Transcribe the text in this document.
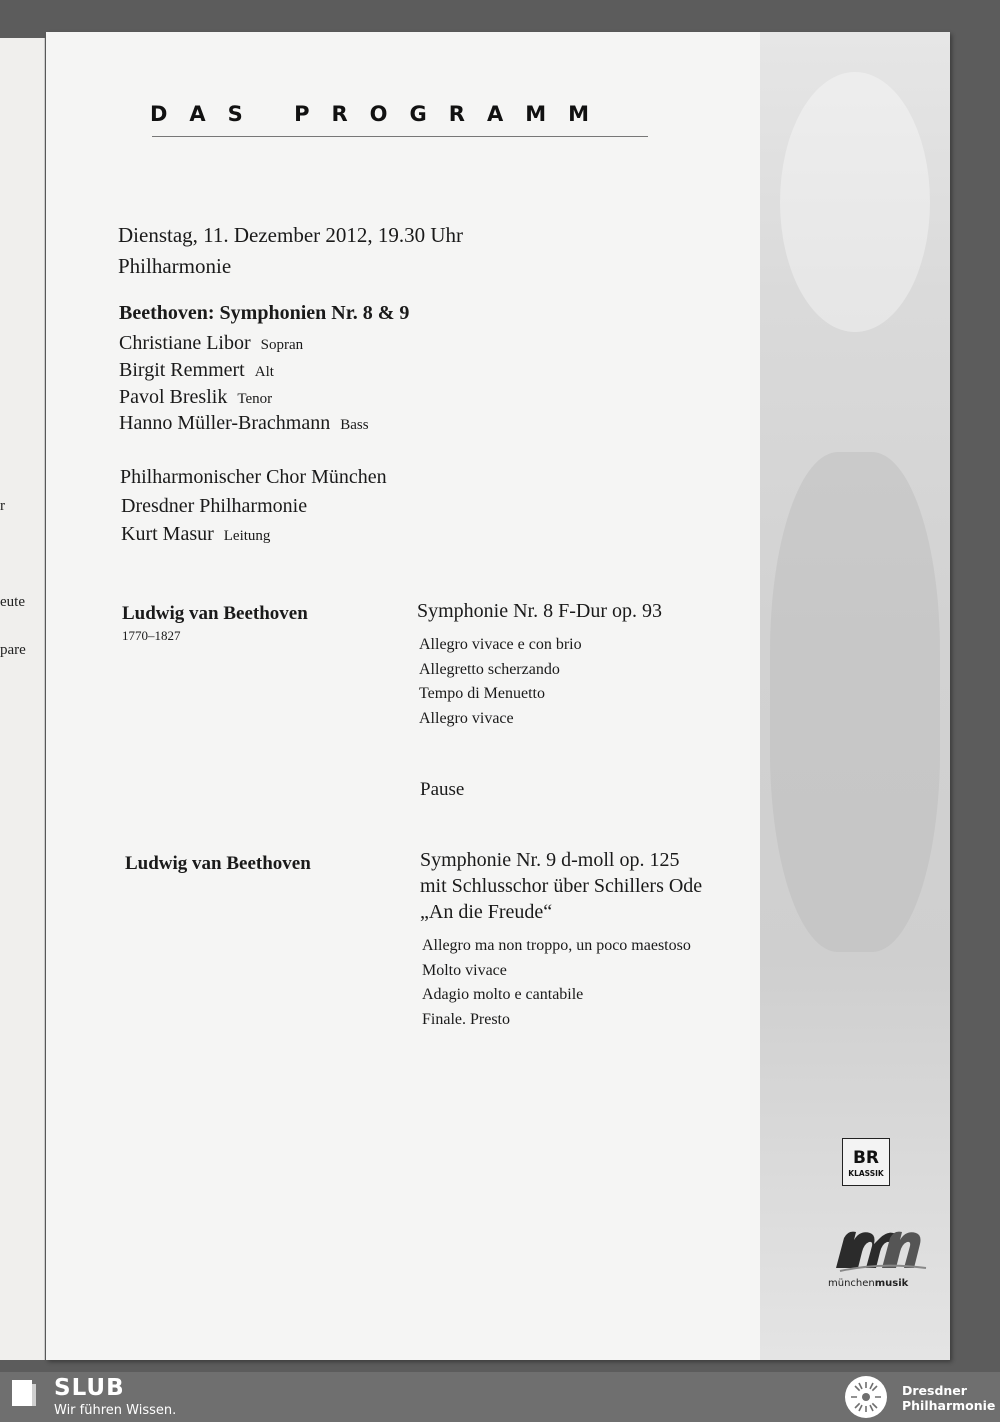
r
eute
pare
DAS PROGRAMM
Dienstag, 11. Dezember 2012, 19.30 Uhr
Philharmonie
Beethoven: Symphonien Nr. 8 & 9
Christiane Libor Sopran
Birgit Remmert Alt
Pavol Breslik Tenor
Hanno Müller-Brachmann Bass
Philharmonischer Chor München
Dresdner Philharmonie
Kurt Masur Leitung
Ludwig van Beethoven
1770–1827
Symphonie Nr. 8 F-Dur op. 93
Allegro vivace e con brio
Allegretto scherzando
Tempo di Menuetto
Allegro vivace
Pause
Ludwig van Beethoven	Symphonie Nr. 9 d-moll op. 125
mit Schlusschor über Schillers Ode
„An die Freude“
Allegro ma non troppo, un poco maestoso
Molto vivace
Adagio molto e cantabile
Finale. Presto
BR
KLASSIK
münchenmusik
SLUB
Wir führen Wissen.
Dresdner
Philharmonie
